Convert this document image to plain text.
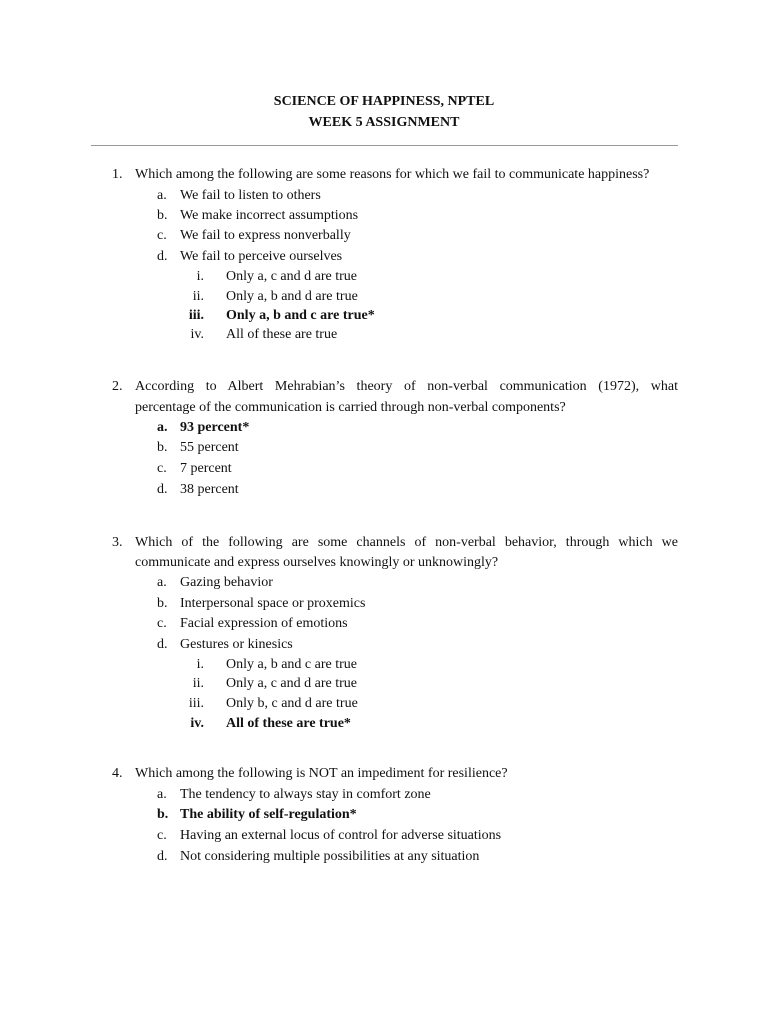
SCIENCE OF HAPPINESS, NPTEL
WEEK 5 ASSIGNMENT
1. Which among the following are some reasons for which we fail to communicate happiness?
a. We fail to listen to others
b. We make incorrect assumptions
c. We fail to express nonverbally
d. We fail to perceive ourselves
i. Only a, c and d are true
ii. Only a, b and d are true
iii. Only a, b and c are true*
iv. All of these are true
2. According to Albert Mehrabian’s theory of non-verbal communication (1972), what
percentage of the communication is carried through non-verbal components?
a. 93 percent*
b. 55 percent
c. 7 percent
d. 38 percent
3. Which of the following are some channels of non-verbal behavior, through which we
communicate and express ourselves knowingly or unknowingly?
a. Gazing behavior
b. Interpersonal space or proxemics
c. Facial expression of emotions
d. Gestures or kinesics
i. Only a, b and c are true
ii. Only a, c and d are true
iii. Only b, c and d are true
iv. All of these are true*
4. Which among the following is NOT an impediment for resilience?
a. The tendency to always stay in comfort zone
b. The ability of self-regulation*
c. Having an external locus of control for adverse situations
d. Not considering multiple possibilities at any situation
